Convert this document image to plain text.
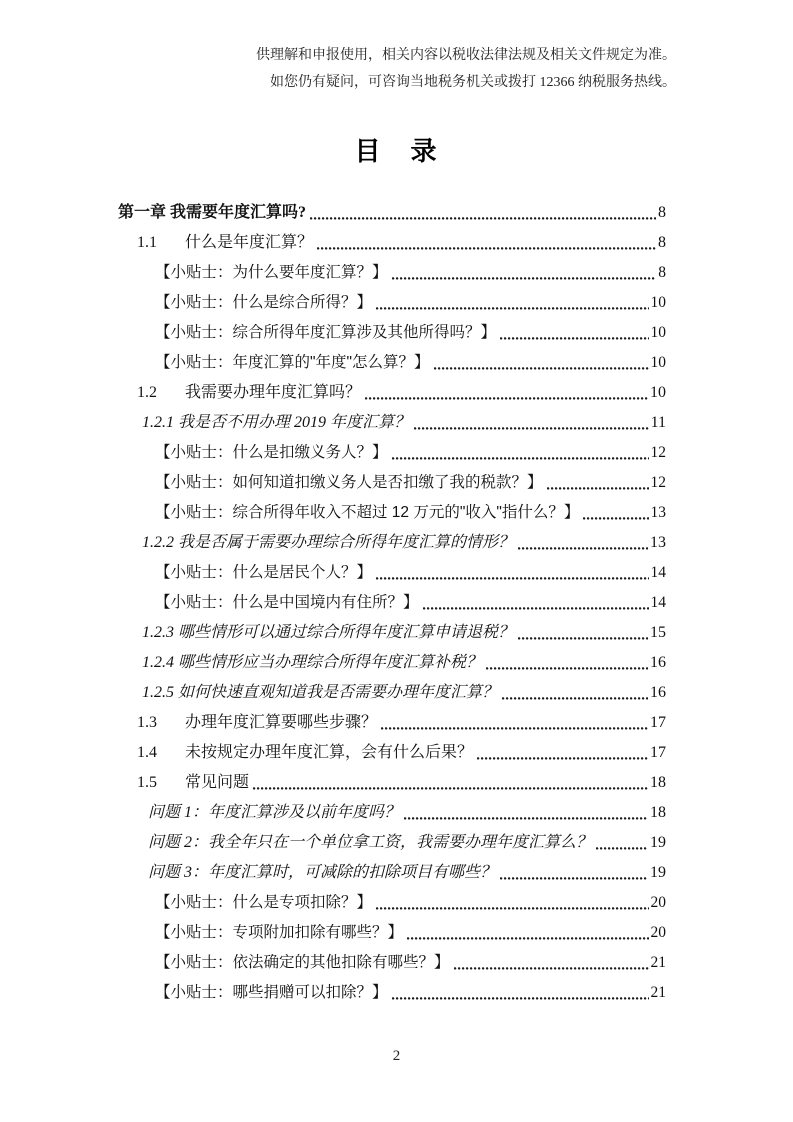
供理解和申报使用，相关内容以税收法律法规及相关文件规定为准。
如您仍有疑问，可咨询当地税务机关或拨打 12366 纳税服务热线。
目　录
第一章 我需要年度汇算吗?	8
1.1	什么是年度汇算？	8
【小贴士：为什么要年度汇算？】	8
【小贴士：什么是综合所得？】	10
【小贴士：综合所得年度汇算涉及其他所得吗？】	10
【小贴士：年度汇算的"年度"怎么算？】	10
1.2	我需要办理年度汇算吗？	10
1.2.1 我是否不用办理 2019 年度汇算？	11
【小贴士：什么是扣缴义务人？】	12
【小贴士：如何知道扣缴义务人是否扣缴了我的税款？】	12
【小贴士：综合所得年收入不超过 12 万元的"收入"指什么？】	13
1.2.2 我是否属于需要办理综合所得年度汇算的情形？	13
【小贴士：什么是居民个人？】	14
【小贴士：什么是中国境内有住所？】	14
1.2.3 哪些情形可以通过综合所得年度汇算申请退税？	15
1.2.4 哪些情形应当办理综合所得年度汇算补税？	16
1.2.5 如何快速直观知道我是否需要办理年度汇算？	16
1.3	办理年度汇算要哪些步骤？	17
1.4	未按规定办理年度汇算，会有什么后果？	17
1.5	常见问题	18
问题 1：年度汇算涉及以前年度吗？	18
问题 2：我全年只在一个单位拿工资，我需要办理年度汇算么？	19
问题 3：年度汇算时，可减除的扣除项目有哪些？	19
【小贴士：什么是专项扣除？】	20
【小贴士：专项附加扣除有哪些？】	20
【小贴士：依法确定的其他扣除有哪些？】	21
【小贴士：哪些捐赠可以扣除？】	21
2
